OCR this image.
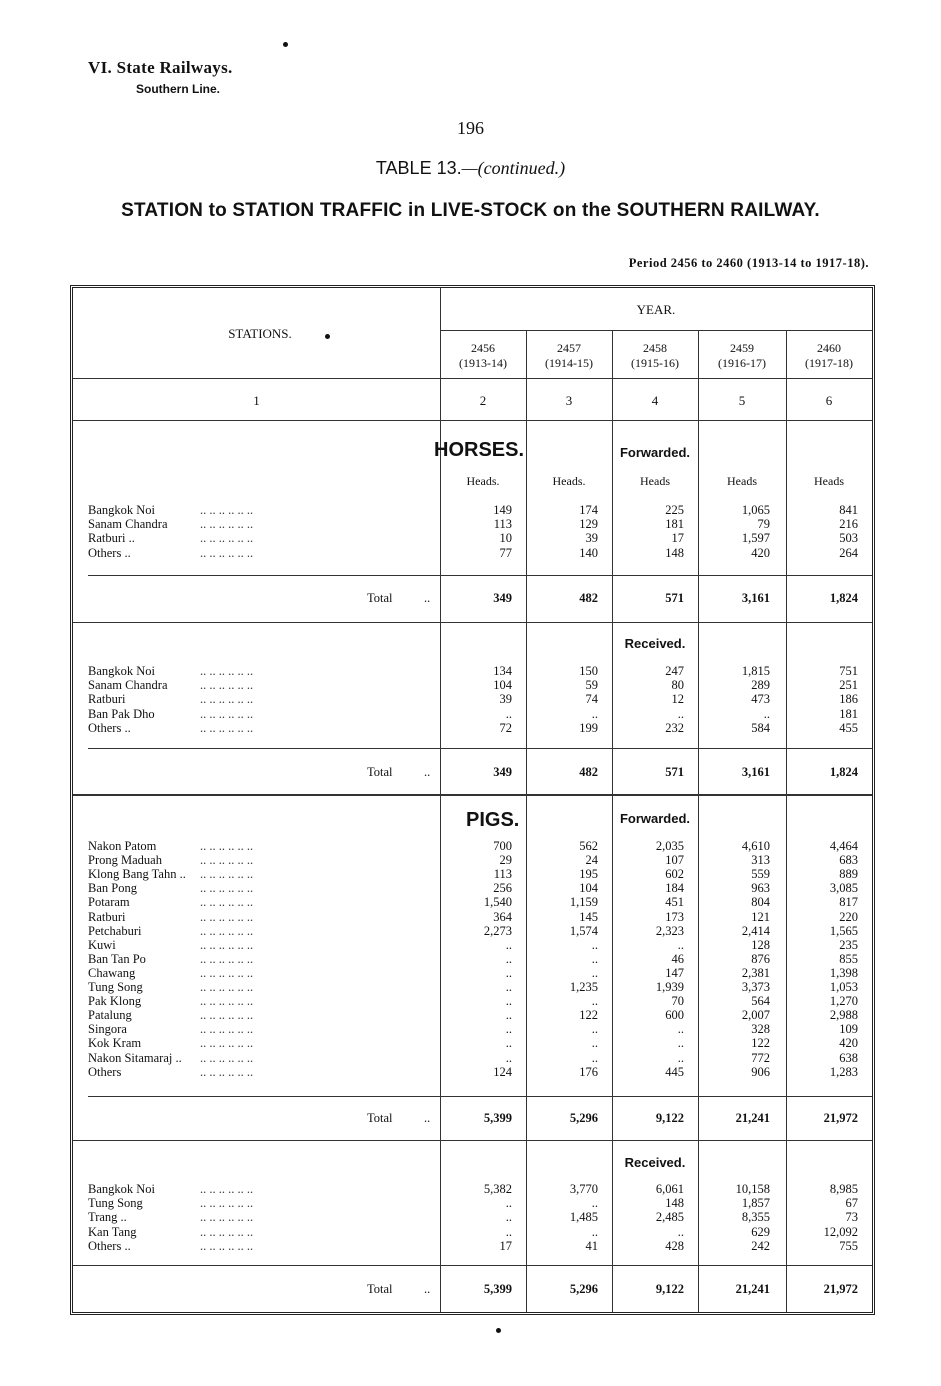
VI. State Railways.
Southern Line.
196
TABLE 13.—(continued.)
STATION to STATION TRAFFIC in LIVE-STOCK on the SOUTHERN RAILWAY.
Period 2456 to 2460 (1913-14 to 1917-18).
YEAR.
STATIONS.
2456
(1913-14)
2457
(1914-15)
2458
(1915-16)
2459
(1916-17)
2460
(1917-18)
1	2	3	4	5	6
HORSES.	Forwarded.
Heads.	Heads.	Heads	Heads	Heads
Bangkok Noi	.. .. .. .. .. ..	149	174	225	1,065	841
Sanam Chandra	.. .. .. .. .. ..	113	129	181	79	216
Ratburi ..	.. .. .. .. .. ..	10	39	17	1,597	503
Others ..	.. .. .. .. .. ..	77	140	148	420	264
Total	..	349	482	571	3,161	1,824
Received.
Bangkok Noi	.. .. .. .. .. ..	134	150	247	1,815	751
Sanam Chandra	.. .. .. .. .. ..	104	59	80	289	251
Ratburi	.. .. .. .. .. ..	39	74	12	473	186
Ban Pak Dho	.. .. .. .. .. ..	..	..	..	..	181
Others ..	.. .. .. .. .. ..	72	199	232	584	455
Total	..	349	482	571	3,161	1,824
PIGS.	Forwarded.
Nakon Patom	.. .. .. .. .. ..	700	562	2,035	4,610	4,464
Prong Maduah	.. .. .. .. .. ..	29	24	107	313	683
Klong Bang Tahn .. .. .. .. .. .. ..	113	195	602	559	889
Ban Pong	.. .. .. .. .. ..	256	104	184	963	3,085
Potaram	.. .. .. .. .. ..	1,540	1,159	451	804	817
Ratburi	.. .. .. .. .. ..	364	145	173	121	220
Petchaburi	.. .. .. .. .. ..	2,273	1,574	2,323	2,414	1,565
Kuwi	.. .. .. .. .. ..	..	..	..	128	235
Ban Tan Po	.. .. .. .. .. ..	..	..	46	876	855
Chawang	.. .. .. .. .. ..	..	..	147	2,381	1,398
Tung Song	.. .. .. .. .. ..	..	1,235	1,939	3,373	1,053
Pak Klong	.. .. .. .. .. ..	..	..	70	564	1,270
Patalung	.. .. .. .. .. ..	..	122	600	2,007	2,988
Singora	.. .. .. .. .. ..	..	..	..	328	109
Kok Kram	.. .. .. .. .. ..	..	..	..	122	420
Nakon Sitamaraj .. .. .. .. .. .. ..	..	..	..	772	638
Others	.. .. .. .. .. ..	124	176	445	906	1,283
Total	..	5,399	5,296	9,122	21,241	21,972
Received.
Bangkok Noi	.. .. .. .. .. ..	5,382	3,770	6,061	10,158	8,985
Tung Song	.. .. .. .. .. ..	..	..	148	1,857	67
Trang ..	.. .. .. .. .. ..	..	1,485	2,485	8,355	73
Kan Tang	.. .. .. .. .. ..	..	..	..	629	12,092
Others ..	.. .. .. .. .. ..	17	41	428	242	755
Total	..	5,399	5,296	9,122	21,241	21,972
